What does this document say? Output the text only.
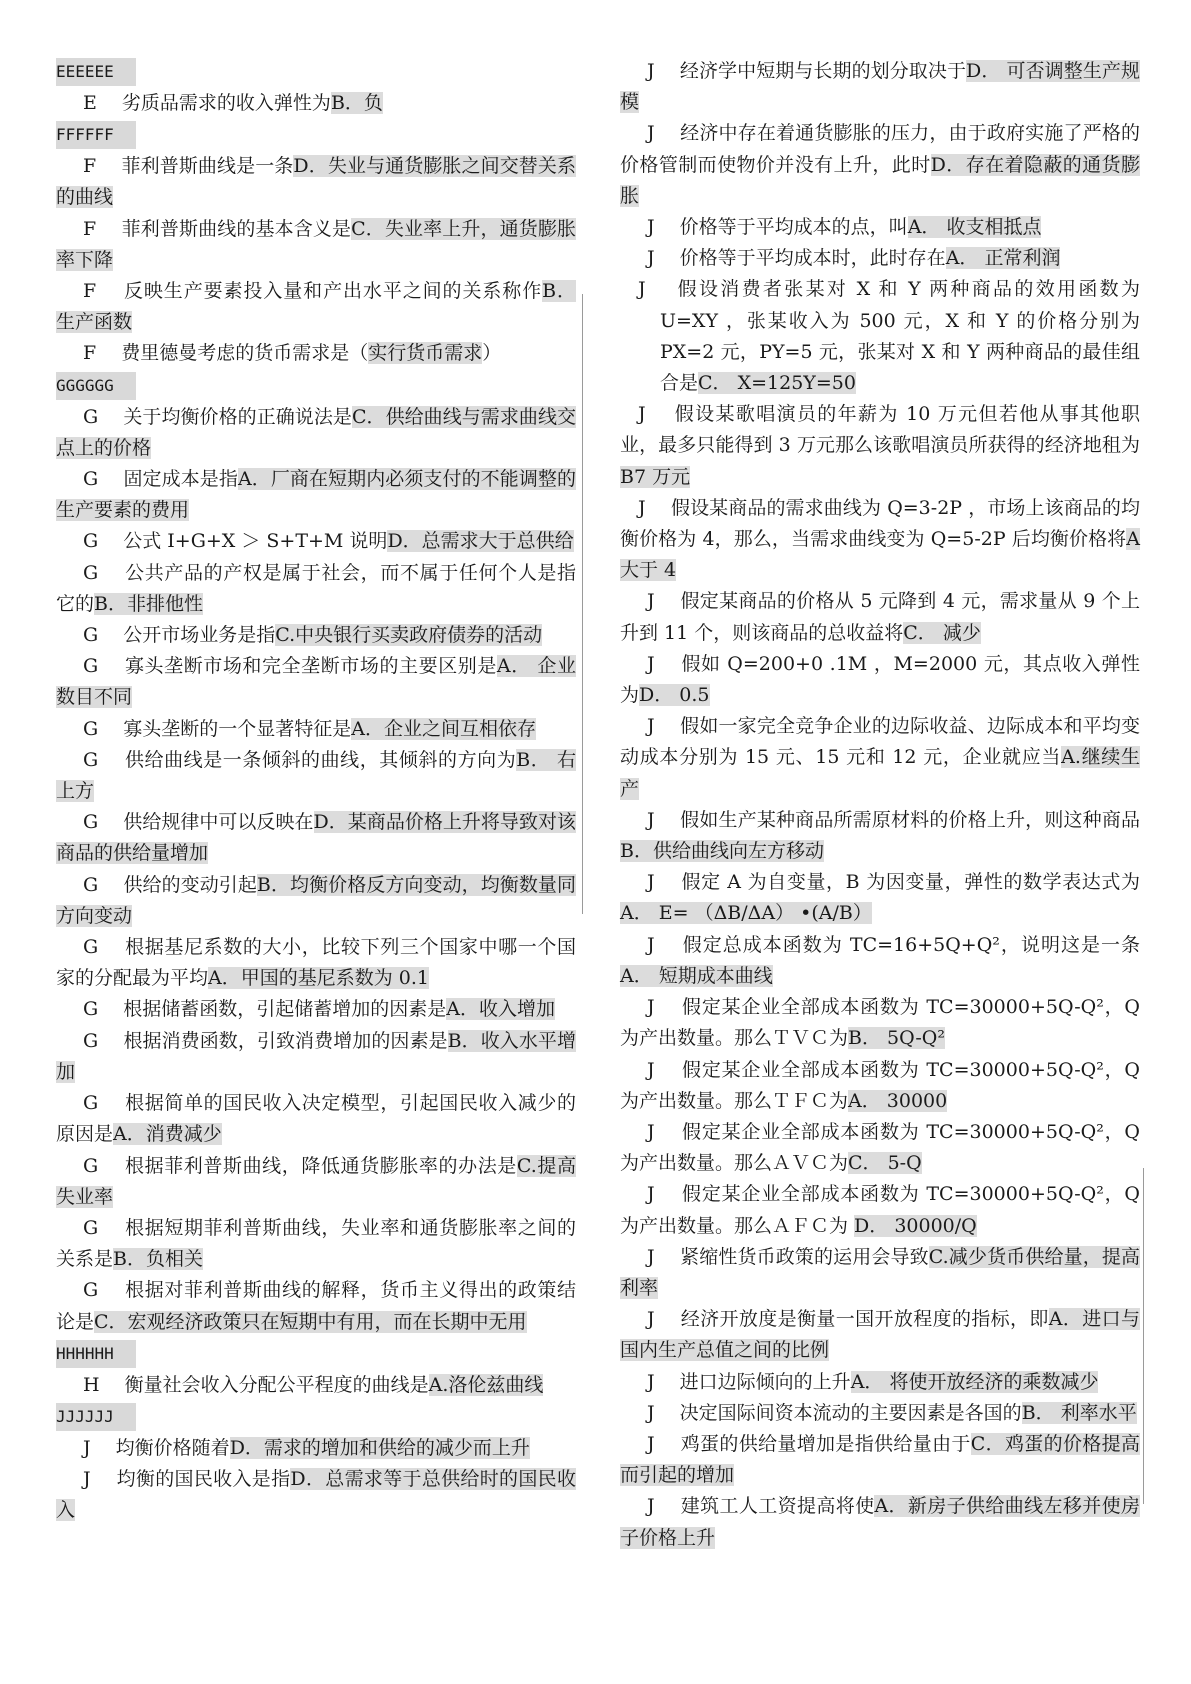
EEEEEE
E　 劣质品需求的收入弹性为B．负
FFFFFF
F　 菲利普斯曲线是一条D．失业与通货膨胀之间交替关系的曲线
F　 菲利普斯曲线的基本含义是C．失业率上升，通货膨胀率下降
F　 反映生产要素投入量和产出水平之间的关系称作B． 生产函数
F　 费里德曼考虑的货币需求是（实行货币需求）
GGGGGG
G　 关于均衡价格的正确说法是C．供给曲线与需求曲线交点上的价格
G　 固定成本是指A．厂商在短期内必须支付的不能调整的生产要素的费用
G　 公式 I+G+X ＞ S+T+M 说明D．总需求大于总供给
G　 公共产品的产权是属于社会，而不属于任何个人是指它的B．非排他性
G　 公开市场业务是指C.中央银行买卖政府债券的活动
G　 寡头垄断市场和完全垄断市场的主要区别是A． 企业数目不同
G　 寡头垄断的一个显著特征是A．企业之间互相依存
G　 供给曲线是一条倾斜的曲线，其倾斜的方向为B． 右上方
G　 供给规律中可以反映在D．某商品价格上升将导致对该商品的供给量增加
G　 供给的变动引起B．均衡价格反方向变动，均衡数量同方向变动
G　 根据基尼系数的大小，比较下列三个国家中哪一个国家的分配最为平均A．甲国的基尼系数为 0.1
G　 根据储蓄函数，引起储蓄增加的因素是A．收入增加
G　 根据消费函数，引致消费增加的因素是B．收入水平增加
G　 根据简单的国民收入决定模型，引起国民收入减少的原因是A．消费减少
G　 根据菲利普斯曲线，降低通货膨胀率的办法是C.提高失业率
G　 根据短期菲利普斯曲线，失业率和通货膨胀率之间的关系是B．负相关
G　 根据对菲利普斯曲线的解释，货币主义得出的政策结论是C．宏观经济政策只在短期中有用，而在长期中无用
HHHHHH
H　 衡量社会收入分配公平程度的曲线是A.洛伦兹曲线
JJJJJJ
J　 均衡价格随着D．需求的增加和供给的减少而上升
J　 均衡的国民收入是指D．总需求等于总供给时的国民收入
J　 经济学中短期与长期的划分取决于D． 可否调整生产规模
J　 经济中存在着通货膨胀的压力，由于政府实施了严格的价格管制而使物价并没有上升，此时D．存在着隐蔽的通货膨胀
J　 价格等于平均成本的点，叫A． 收支相抵点
J　 价格等于平均成本时，此时存在A． 正常利润
J　 假设消费者张某对 X 和 Y 两种商品的效用函数为 U=XY ，张某收入为 500 元，X 和 Y 的价格分别为 PX=2 元，PY=5 元，张某对 X 和 Y 两种商品的最佳组合是C． X=125Y=50
J　 假设某歌唱演员的年薪为 10 万元但若他从事其他职业，最多只能得到 3 万元那么该歌唱演员所获得的经济地租为B7 万元
J　 假设某商品的需求曲线为 Q=3-2P ，市场上该商品的均衡价格为 4，那么，当需求曲线变为 Q=5-2P 后均衡价格将A 大于 4
J　 假定某商品的价格从 5 元降到 4 元，需求量从 9 个上升到 11 个，则该商品的总收益将C． 减少
J　 假如 Q=200+0 .1M ，M=2000 元，其点收入弹性为D． 0.5
J　 假如一家完全竞争企业的边际收益、边际成本和平均变动成本分别为 15 元、15 元和 12 元，企业就应当A.继续生产
J　 假如生产某种商品所需原材料的价格上升，则这种商品B．供给曲线向左方移动
J　 假定 A 为自变量，B 为因变量，弹性的数学表达式为A． E= （ΔB/ΔA） •(A/B）
J　 假定总成本函数为 TC=16+5Q+Q²，说明这是一条A． 短期成本曲线
J　 假定某企业全部成本函数为 TC=30000+5Q-Q²，Q 为产出数量。那么ＴＶＣ为B． 5Q-Q²
J　 假定某企业全部成本函数为 TC=30000+5Q-Q²，Q 为产出数量。那么ＴＦＣ为A． 30000
J　 假定某企业全部成本函数为 TC=30000+5Q-Q²，Q 为产出数量。那么ＡＶＣ为C． 5-Q
J　 假定某企业全部成本函数为 TC=30000+5Q-Q²，Q 为产出数量。那么ＡＦＣ为 D． 30000/Q
J　 紧缩性货币政策的运用会导致C.减少货币供给量，提高利率
J　 经济开放度是衡量一国开放程度的指标，即A．进口与国内生产总值之间的比例
J　 进口边际倾向的上升A． 将使开放经济的乘数减少
J　 决定国际间资本流动的主要因素是各国的B． 利率水平
J　 鸡蛋的供给量增加是指供给量由于C．鸡蛋的价格提高而引起的增加
J　 建筑工人工资提高将使A．新房子供给曲线左移并使房子价格上升
